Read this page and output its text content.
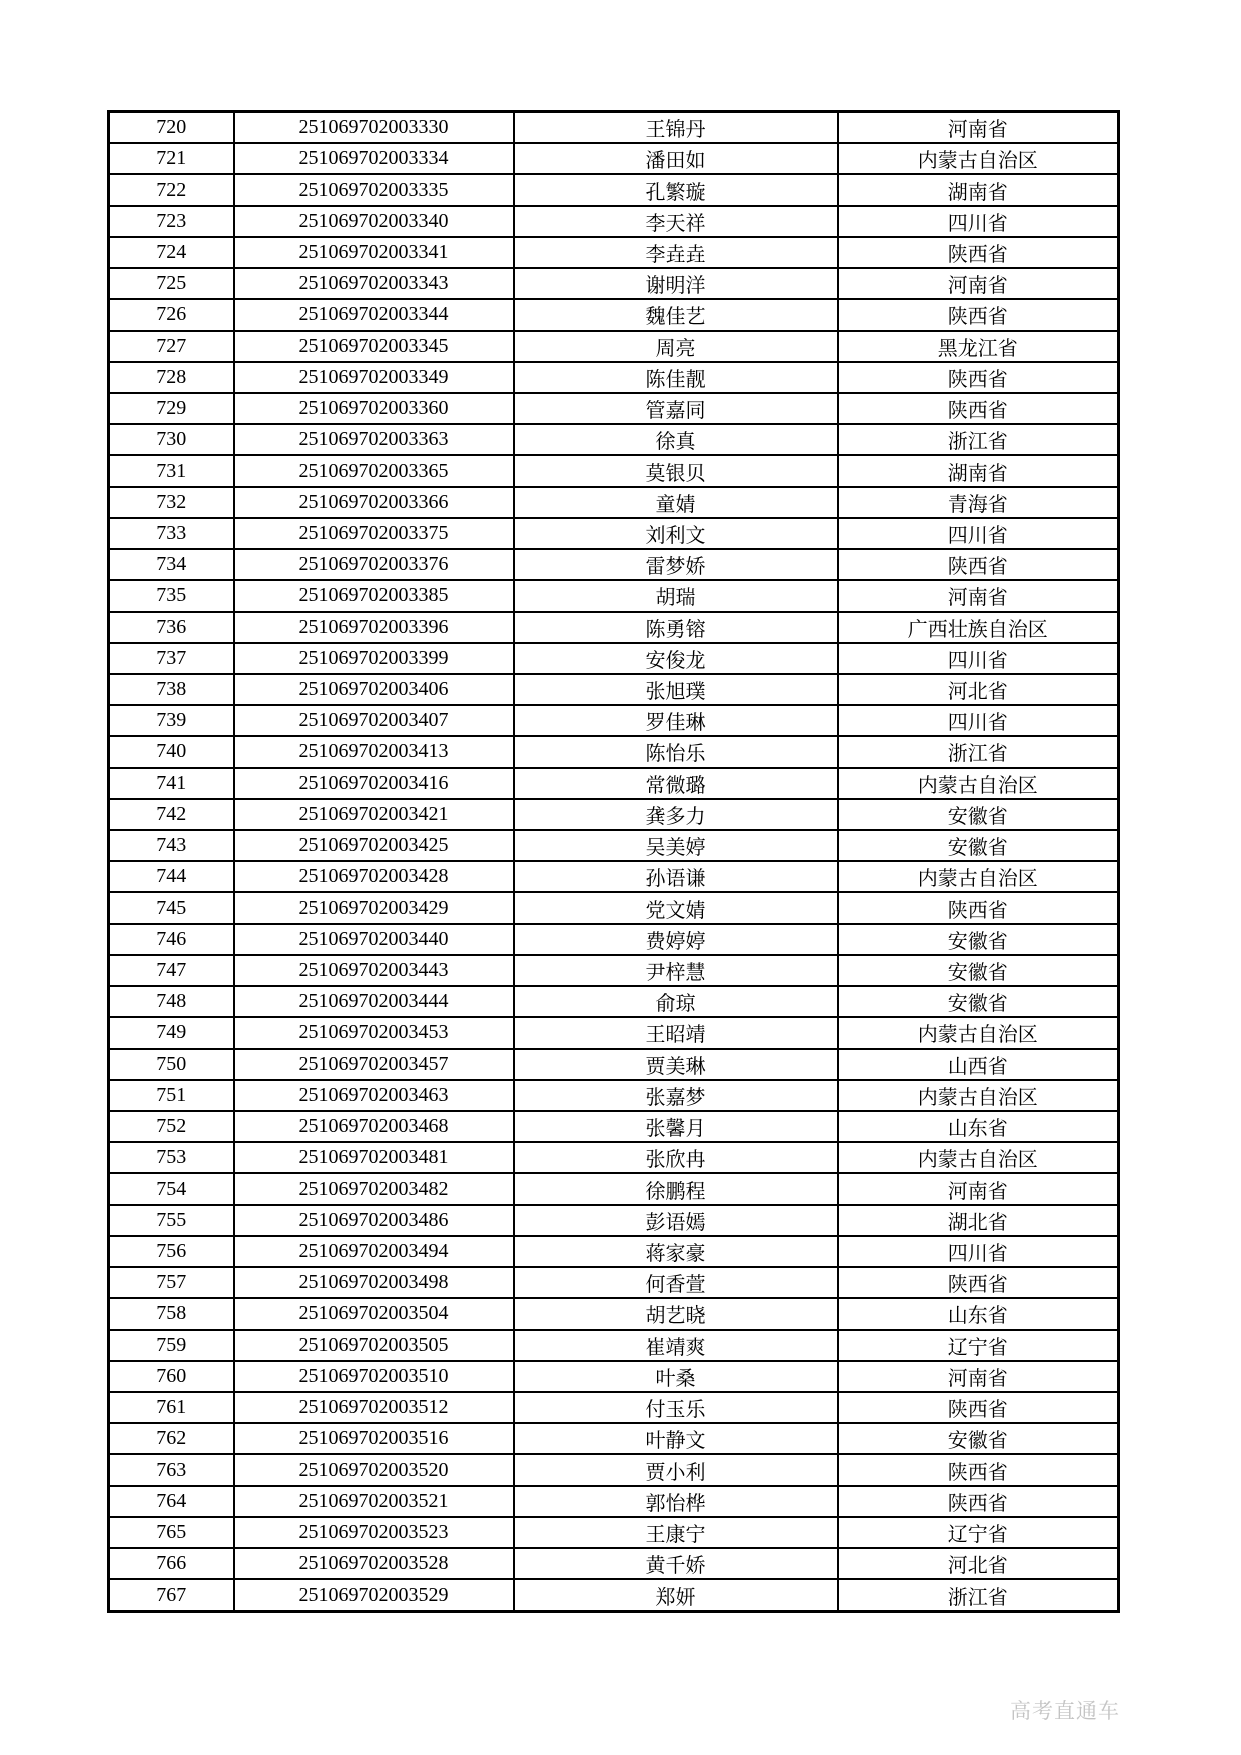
720	251069702003330	王锦丹	河南省
721	251069702003334	潘田如	内蒙古自治区
722	251069702003335	孔繁璇	湖南省
723	251069702003340	李天祥	四川省
724	251069702003341	李垚垚	陕西省
725	251069702003343	谢明洋	河南省
726	251069702003344	魏佳艺	陕西省
727	251069702003345	周亮	黑龙江省
728	251069702003349	陈佳靓	陕西省
729	251069702003360	管嘉同	陕西省
730	251069702003363	徐真	浙江省
731	251069702003365	莫银贝	湖南省
732	251069702003366	童婧	青海省
733	251069702003375	刘利文	四川省
734	251069702003376	雷梦娇	陕西省
735	251069702003385	胡瑞	河南省
736	251069702003396	陈勇镕	广西壮族自治区
737	251069702003399	安俊龙	四川省
738	251069702003406	张旭璞	河北省
739	251069702003407	罗佳琳	四川省
740	251069702003413	陈怡乐	浙江省
741	251069702003416	常微璐	内蒙古自治区
742	251069702003421	龚多力	安徽省
743	251069702003425	吴美婷	安徽省
744	251069702003428	孙语谦	内蒙古自治区
745	251069702003429	党文婧	陕西省
746	251069702003440	费婷婷	安徽省
747	251069702003443	尹梓慧	安徽省
748	251069702003444	俞琼	安徽省
749	251069702003453	王昭靖	内蒙古自治区
750	251069702003457	贾美琳	山西省
751	251069702003463	张嘉梦	内蒙古自治区
752	251069702003468	张馨月	山东省
753	251069702003481	张欣冉	内蒙古自治区
754	251069702003482	徐鹏程	河南省
755	251069702003486	彭语嫣	湖北省
756	251069702003494	蒋家豪	四川省
757	251069702003498	何香萱	陕西省
758	251069702003504	胡艺晓	山东省
759	251069702003505	崔靖爽	辽宁省
760	251069702003510	叶桑	河南省
761	251069702003512	付玉乐	陕西省
762	251069702003516	叶静文	安徽省
763	251069702003520	贾小利	陕西省
764	251069702003521	郭怡桦	陕西省
765	251069702003523	王康宁	辽宁省
766	251069702003528	黄千娇	河北省
767	251069702003529	郑妍	浙江省
高考直通车
